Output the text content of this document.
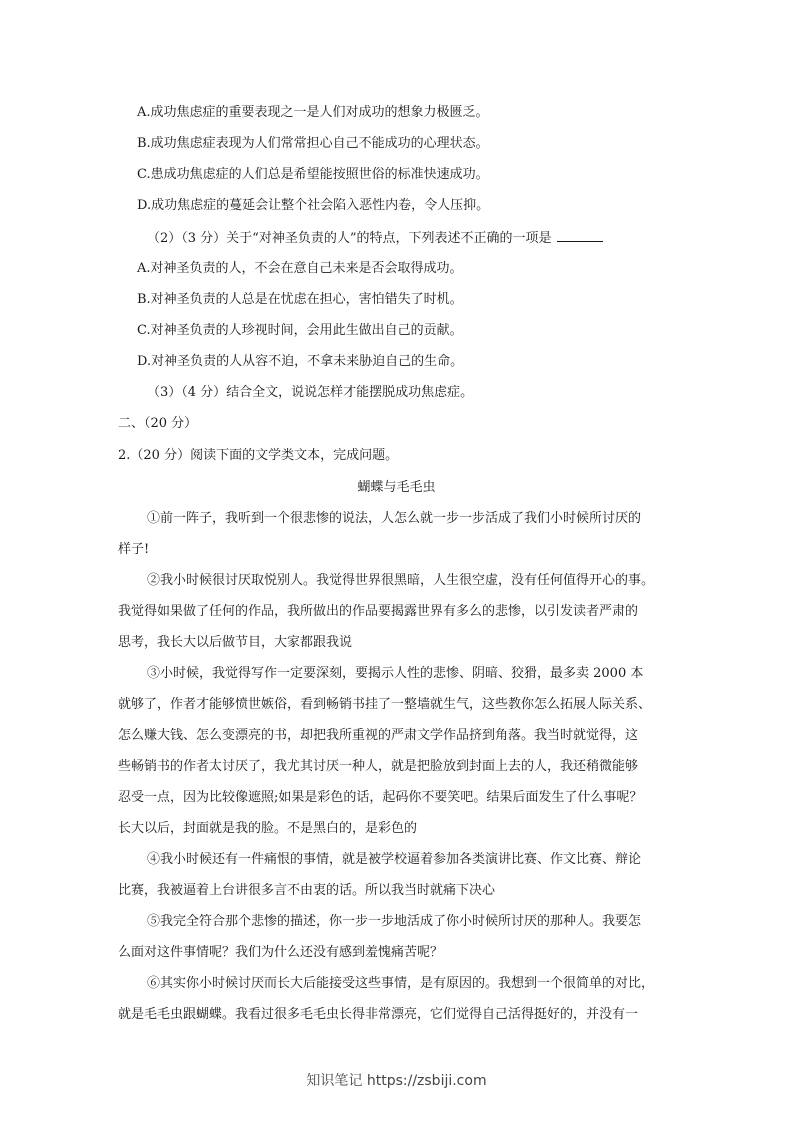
A.成功焦虑症的重要表现之一是人们对成功的想象力极匮乏。
B.成功焦虑症表现为人们常常担心自己不能成功的心理状态。
C.患成功焦虑症的人们总是希望能按照世俗的标准快速成功。
D.成功焦虑症的蔓延会让整个社会陷入恶性内卷，令人压抑。
（2）（3 分）关于“对神圣负责的人”的特点，下列表述不正确的一项是
A.对神圣负责的人，不会在意自己未来是否会取得成功。
B.对神圣负责的人总是在忧虑在担心，害怕错失了时机。
C.对神圣负责的人珍视时间，会用此生做出自己的贡献。
D.对神圣负责的人从容不迫，不拿未来胁迫自己的生命。
（3）（4 分）结合全文，说说怎样才能摆脱成功焦虑症。
二、（20 分）
2.（20 分）阅读下面的文学类文本，完成问题。
蝴蝶与毛毛虫
①前一阵子，我听到一个很悲惨的说法，人怎么就一步一步活成了我们小时候所讨厌的
样子!
②我小时候很讨厌取悦别人。我觉得世界很黑暗，人生很空虚，没有任何值得开心的事。
我觉得如果做了任何的作品，我所做出的作品要揭露世界有多么的悲惨，以引发读者严肃的
思考，我长大以后做节目，大家都跟我说
③小时候，我觉得写作一定要深刻，要揭示人性的悲惨、阴暗、狡猾，最多卖 2000 本
就够了，作者才能够愤世嫉俗，看到畅销书挂了一整墙就生气，这些教你怎么拓展人际关系、
怎么赚大钱、怎么变漂亮的书，却把我所重视的严肃文学作品挤到角落。我当时就觉得，这
些畅销书的作者太讨厌了，我尤其讨厌一种人，就是把脸放到封面上去的人，我还稍微能够
忍受一点，因为比较像遮照;如果是彩色的话，起码你不要笑吧。结果后面发生了什么事呢？
长大以后，封面就是我的脸。不是黑白的，是彩色的
④我小时候还有一件痛恨的事情，就是被学校逼着参加各类演讲比赛、作文比赛、辩论
比赛，我被逼着上台讲很多言不由衷的话。所以我当时就痛下决心
⑤我完全符合那个悲惨的描述，你一步一步地活成了你小时候所讨厌的那种人。我要怎
么面对这件事情呢？我们为什么还没有感到羞愧痛苦呢？
⑥其实你小时候讨厌而长大后能接受这些事情，是有原因的。我想到一个很简单的对比，
就是毛毛虫跟蝴蝶。我看过很多毛毛虫长得非常漂亮，它们觉得自己活得挺好的，并没有一
知识笔记 https://zsbiji.com
